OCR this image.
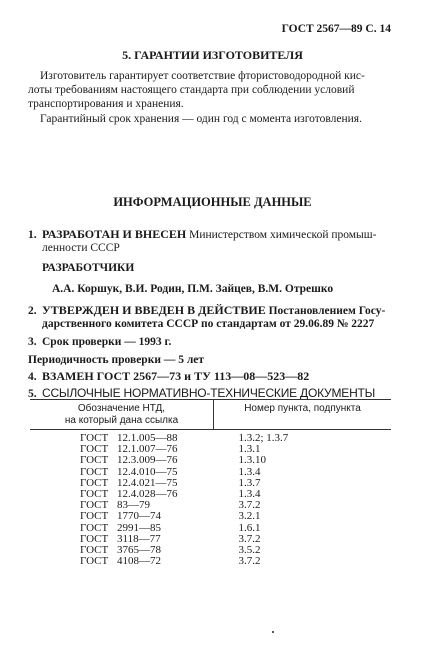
ГОСТ 2567—89 С. 14
5. ГАРАНТИИ ИЗГОТОВИТЕЛЯ
Изготовитель гарантирует соответствие фтористоводородной кис-
лоты требованиям настоящего стандарта при соблюдении условий
транспортирования и хранения.
Гарантийный срок хранения — один год с момента изготовления.
ИНФОРМАЦИОННЫЕ ДАННЫЕ
1. РАЗРАБОТАН И ВНЕСЕН Министерством химической промыш-
ленности СССР
РАЗРАБОТЧИКИ
А.А. Коршук, В.И. Родин, П.М. Зайцев, В.М. Отрешко
2. УТВЕРЖДЕН И ВВЕДЕН В ДЕЙСТВИЕ Постановлением Госу-
дарственного комитета СССР по стандартам от 29.06.89 № 2227
3. Срок проверки — 1993 г.
Периодичность проверки — 5 лет
4. ВЗАМЕН ГОСТ 2567—73 и ТУ 113—08—523—82
5. ССЫЛОЧНЫЕ НОРМАТИВНО-ТЕХНИЧЕСКИЕ ДОКУМЕНТЫ
Обозначение НТД,
на который дана ссылка	Номер пункта, подпункта
ГОСТ 12.1.005—88	1.3.2; 1.3.7
ГОСТ 12.1.007—76	1.3.1
ГОСТ 12.3.009—76	1.3.10
ГОСТ 12.4.010—75	1.3.4
ГОСТ 12.4.021—75	1.3.7
ГОСТ 12.4.028—76	1.3.4
ГОСТ 83—79	3.7.2
ГОСТ 1770—74	3.2.1
ГОСТ 2991—85	1.6.1
ГОСТ 3118—77	3.7.2
ГОСТ 3765—78	3.5.2
ГОСТ 4108—72	3.7.2
